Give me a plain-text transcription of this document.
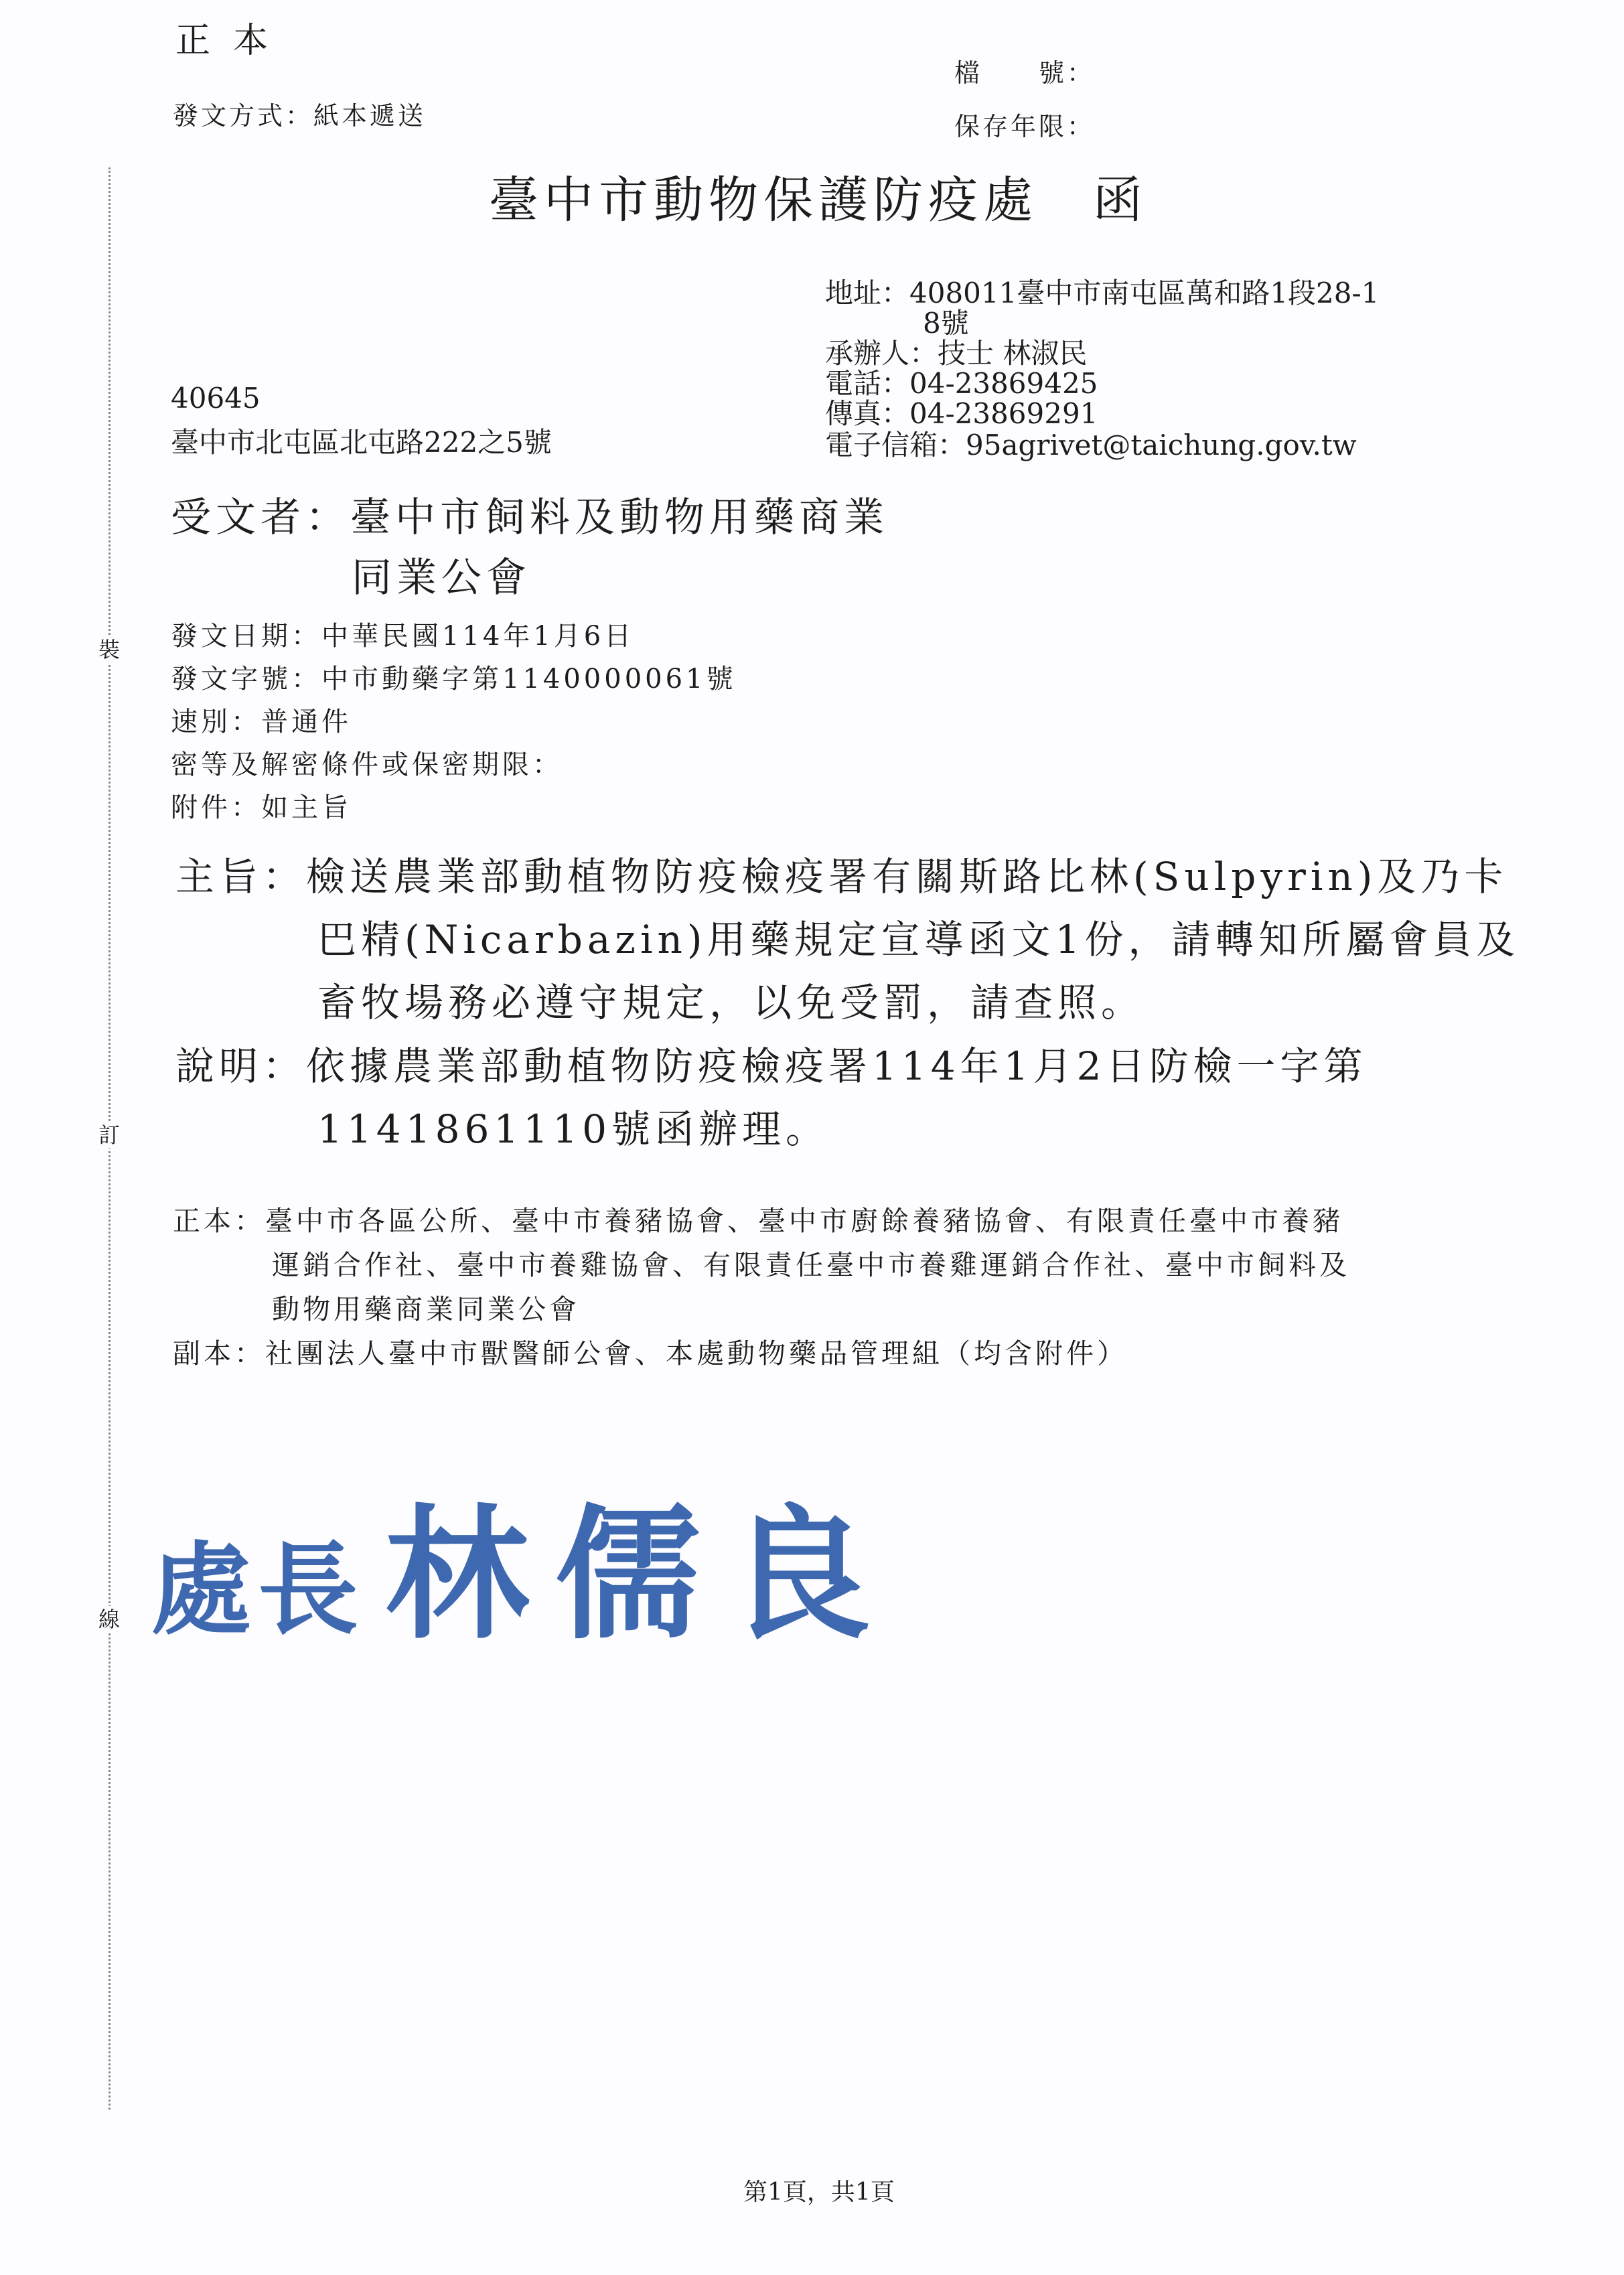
正本
檔　　號：
保存年限：
發文方式：紙本遞送
裝
訂
線
臺中市動物保護防疫處　函
地址：408011臺中市南屯區萬和路1段28-1
8號
承辦人：技士 林淑民
電話：04-23869425
傳真：04-23869291
電子信箱：95agrivet@taichung.gov.tw
40645
臺中市北屯區北屯路222之5號
受文者：臺中市飼料及動物用藥商業
同業公會
發文日期：中華民國114年1月6日
發文字號：中市動藥字第1140000061號
速別：普通件
密等及解密條件或保密期限：
附件：如主旨
主旨：檢送農業部動植物防疫檢疫署有關斯路比林(Sulpyrin)及乃卡
巴精(Nicarbazin)用藥規定宣導函文1份，請轉知所屬會員及
畜牧場務必遵守規定，以免受罰，請查照。
說明：依據農業部動植物防疫檢疫署114年1月2日防檢一字第
1141861110號函辦理。
正本：臺中市各區公所、臺中市養豬協會、臺中市廚餘養豬協會、有限責任臺中市養豬
運銷合作社、臺中市養雞協會、有限責任臺中市養雞運銷合作社、臺中市飼料及
動物用藥商業同業公會
副本：社團法人臺中市獸醫師公會、本處動物藥品管理組（均含附件）
處長 林儒良
第1頁，共1頁
